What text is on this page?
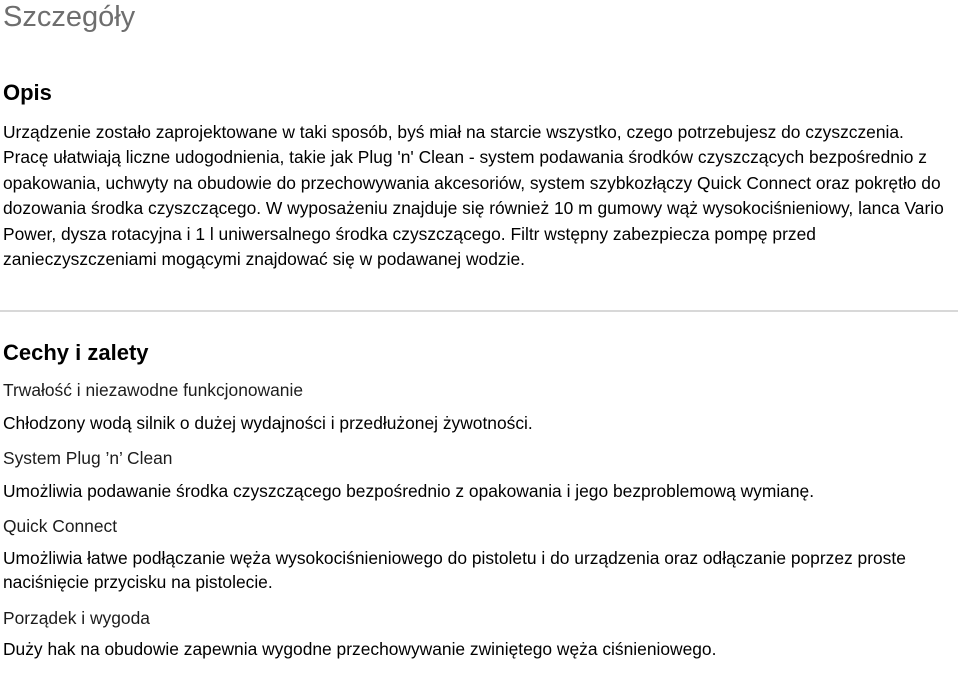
Szczegóły
Opis

Urządzenie zostało zaprojektowane w taki sposób, byś miał na starcie wszystko, czego potrzebujesz do czyszczenia. Pracę ułatwiają liczne udogodnienia, takie jak Plug 'n' Clean - system podawania środków czyszczących bezpośrednio z opakowania, uchwyty na obudowie do przechowywania akcesoriów, system szybkozłączy Quick Connect oraz pokrętło do dozowania środka czyszczącego. W wyposażeniu znajduje się również 10 m gumowy wąż wysokociśnieniowy, lanca Vario Power, dysza rotacyjna i 1 l uniwersalnego środka czyszczącego. Filtr wstępny zabezpiecza pompę przed zanieczyszczeniami mogącymi znajdować się w podawanej wodzie.

Cechy i zalety

Trwałość i niezawodne funkcjonowanie

Chłodzony wodą silnik o dużej wydajności i przedłużonej żywotności.

System Plug ’n’ Clean

Umożliwia podawanie środka czyszczącego bezpośrednio z opakowania i jego bezproblemową wymianę.

Quick Connect

Umożliwia łatwe podłączanie węża wysokociśnieniowego do pistoletu i do urządzenia oraz odłączanie poprzez proste naciśnięcie przycisku na pistolecie.

Porządek i wygoda

Duży hak na obudowie zapewnia wygodne przechowywanie zwiniętego węża ciśnieniowego.
